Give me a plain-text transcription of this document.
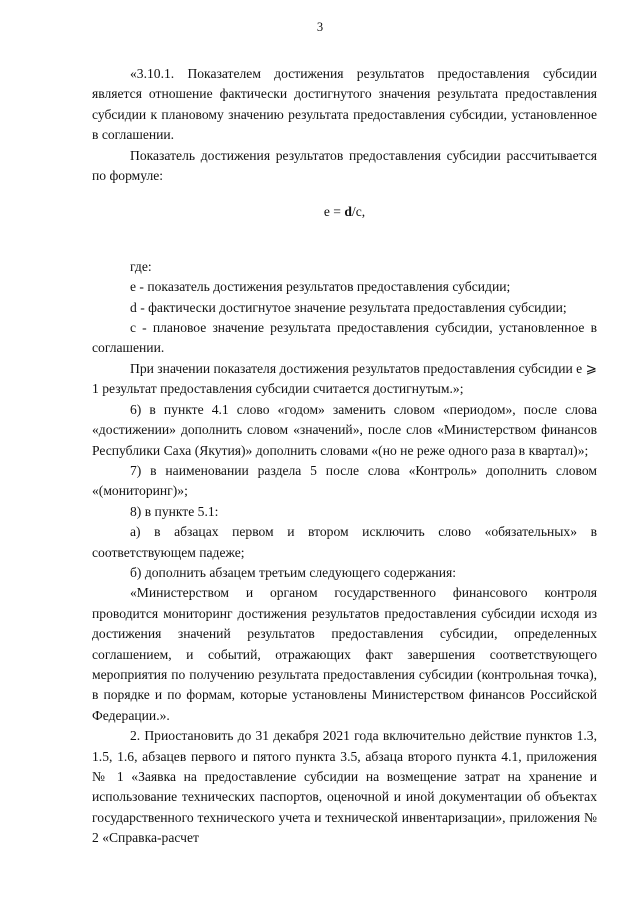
3

«3.10.1. Показателем достижения результатов предоставления субсидии является отношение фактически достигнутого значения результата предоставления субсидии к плановому значению результата предоставления субсидии, установленное в соглашении.

Показатель достижения результатов предоставления субсидии рассчитывается по формуле:

e = d/c,

где:

e - показатель достижения результатов предоставления субсидии;

d - фактически достигнутое значение результата предоставления субсидии;

c - плановое значение результата предоставления субсидии, установленное в соглашении.

При значении показателя достижения результатов предоставления субсидии e ⩾ 1 результат предоставления субсидии считается достигнутым.»;

6) в пункте 4.1 слово «годом» заменить словом «периодом», после слова «достижении» дополнить словом «значений», после слов «Министерством финансов Республики Саха (Якутия)» дополнить словами «(но не реже одного раза в квартал)»;

7) в наименовании раздела 5 после слова «Контроль» дополнить словом «(мониторинг)»;

8) в пункте 5.1:

а) в абзацах первом и втором исключить слово «обязательных» в соответствующем падеже;

б) дополнить абзацем третьим следующего содержания:

«Министерством и органом государственного финансового контроля проводится мониторинг достижения результатов предоставления субсидии исходя из достижения значений результатов предоставления субсидии, определенных соглашением, и событий, отражающих факт завершения соответствующего мероприятия по получению результата предоставления субсидии (контрольная точка), в порядке и по формам, которые установлены Министерством финансов Российской Федерации.».

2. Приостановить до 31 декабря 2021 года включительно действие пунктов 1.3, 1.5, 1.6, абзацев первого и пятого пункта 3.5, абзаца второго пункта 4.1, приложения № 1 «Заявка на предоставление субсидии на возмещение затрат на хранение и использование технических паспортов, оценочной и иной документации об объектах государственного технического учета и технической инвентаризации», приложения № 2 «Справка-расчет
